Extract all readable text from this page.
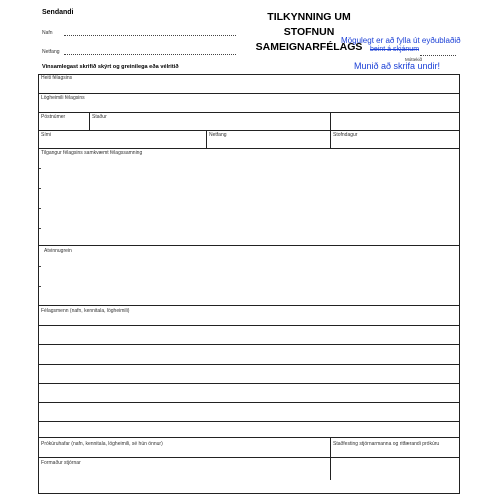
Sendandi
Nafn
Netfang
Vinsamlegast skrifið skýrt og greinilega eða vélritið
TILKYNNING UM
STOFNUN
SAMEIGNARFÉLAGS
Mögulegt er að fylla út eyðublaðið
beint á skjánum
Móttekið
Munið að skrifa undir!
Heiti félagsins
Lögheimili félagsins
Póstnúmer	Staður
Sími	Netfang	Stofndagur
Tilgangur félagsins samkvæmt félagssamning
Atvinnugrein
Félagsmenn (nafn, kennitala, lögheimili)
Prókúruhafar (nafn, kennitala, lögheimili, sé hún önnur)	Staðfesting stjórnarmanna og ritfærandi prókúru
Formaður stjórnar
